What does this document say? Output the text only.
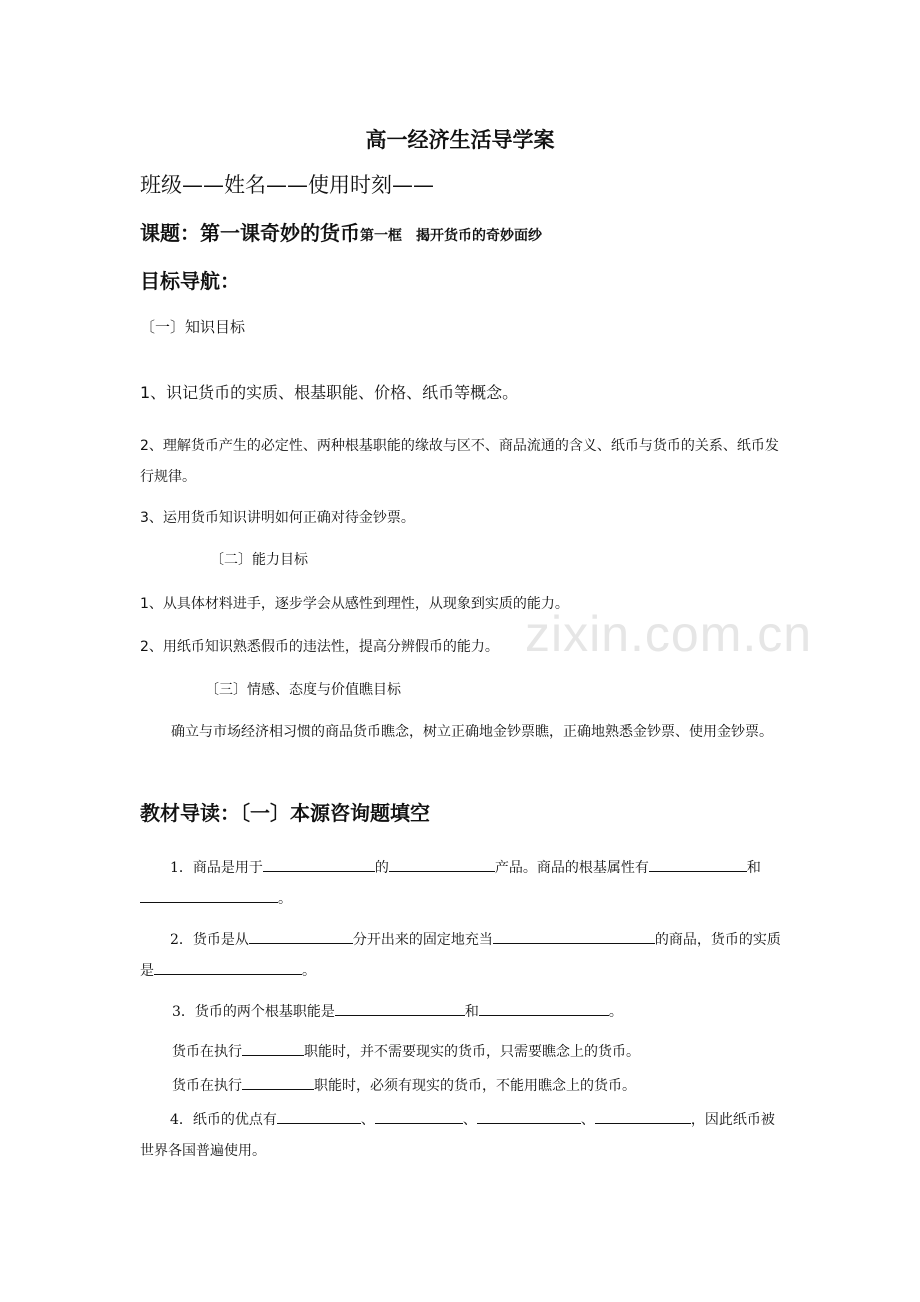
zixin.com.cn
高一经济生活导学案
班级——姓名——使用时刻——
课题：第一课奇妙的货币第一框　揭开货币的奇妙面纱
目标导航：
〔一〕知识目标
1、识记货币的实质、根基职能、价格、纸币等概念。
2、理解货币产生的必定性、两种根基职能的缘故与区不、商品流通的含义、纸币与货币的关系、纸币发行规律。
3、运用货币知识讲明如何正确对待金钞票。
〔二〕能力目标
1、从具体材料进手，逐步学会从感性到理性，从现象到实质的能力。
2、用纸币知识熟悉假币的违法性，提高分辨假币的能力。
〔三〕情感、态度与价值瞧目标
确立与市场经济相习惯的商品货币瞧念，树立正确地金钞票瞧，正确地熟悉金钞票、使用金钞票。
教材导读：〔一〕本源咨询题填空
1．商品是用于	的	产品。商品的根基属性有	和。
2．货币是从	分开出来的固定地充当	的商品，货币的实质是	。
3．货币的两个根基职能是	和	。
货币在执行	职能时，并不需要现实的货币，只需要瞧念上的货币。
货币在执行	职能时，必须有现实的货币，不能用瞧念上的货币。
4．纸币的优点有	、	、	、	，因此纸币被世界各国普遍使用。
